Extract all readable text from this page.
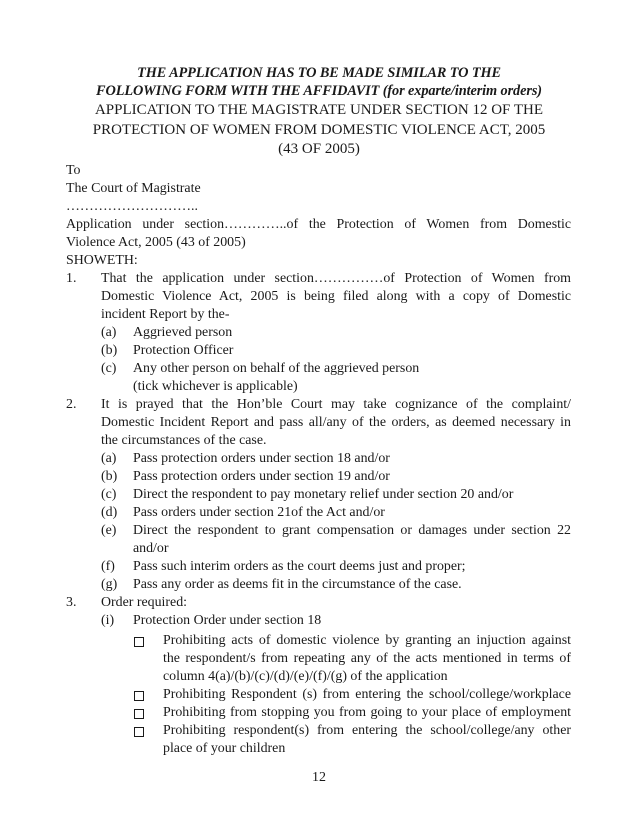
THE APPLICATION HAS TO BE MADE SIMILAR TO THE
FOLLOWING FORM WITH THE AFFIDAVIT (for exparte/interim orders)
APPLICATION TO THE MAGISTRATE UNDER SECTION 12 OF THE
PROTECTION OF WOMEN FROM DOMESTIC VIOLENCE ACT, 2005
(43 OF 2005)
To
The Court of Magistrate
………………………..
Application under section…………..of the Protection of Women from Domestic
Violence Act, 2005 (43 of 2005)
SHOWETH:
1. That the application under section……………of Protection of Women from
Domestic Violence Act, 2005 is being filed along with a copy of Domestic
incident Report by the-
(a) Aggrieved person
(b) Protection Officer
(c) Any other person on behalf of the aggrieved person
(tick whichever is applicable)
2. It is prayed that the Hon’ble Court may take cognizance of the complaint/
Domestic Incident Report and pass all/any of the orders, as deemed necessary in
the circumstances of the case.
(a) Pass protection orders under section 18 and/or
(b) Pass protection orders under section 19 and/or
(c) Direct the respondent to pay monetary relief under section 20 and/or
(d) Pass orders under section 21of the Act and/or
(e) Direct the respondent to grant compensation or damages under section 22
and/or
(f) Pass such interim orders as the court deems just and proper;
(g) Pass any order as deems fit in the circumstance of the case.
3. Order required:
(i) Protection Order under section 18
Prohibiting acts of domestic violence by granting an injuction against
the respondent/s from repeating any of the acts mentioned in terms of
column 4(a)/(b)/(c)/(d)/(e)/(f)/(g) of the application
Prohibiting Respondent (s) from entering the school/college/workplace
Prohibiting from stopping you from going to your place of employment
Prohibiting respondent(s) from entering the school/college/any other
place of your children
12
